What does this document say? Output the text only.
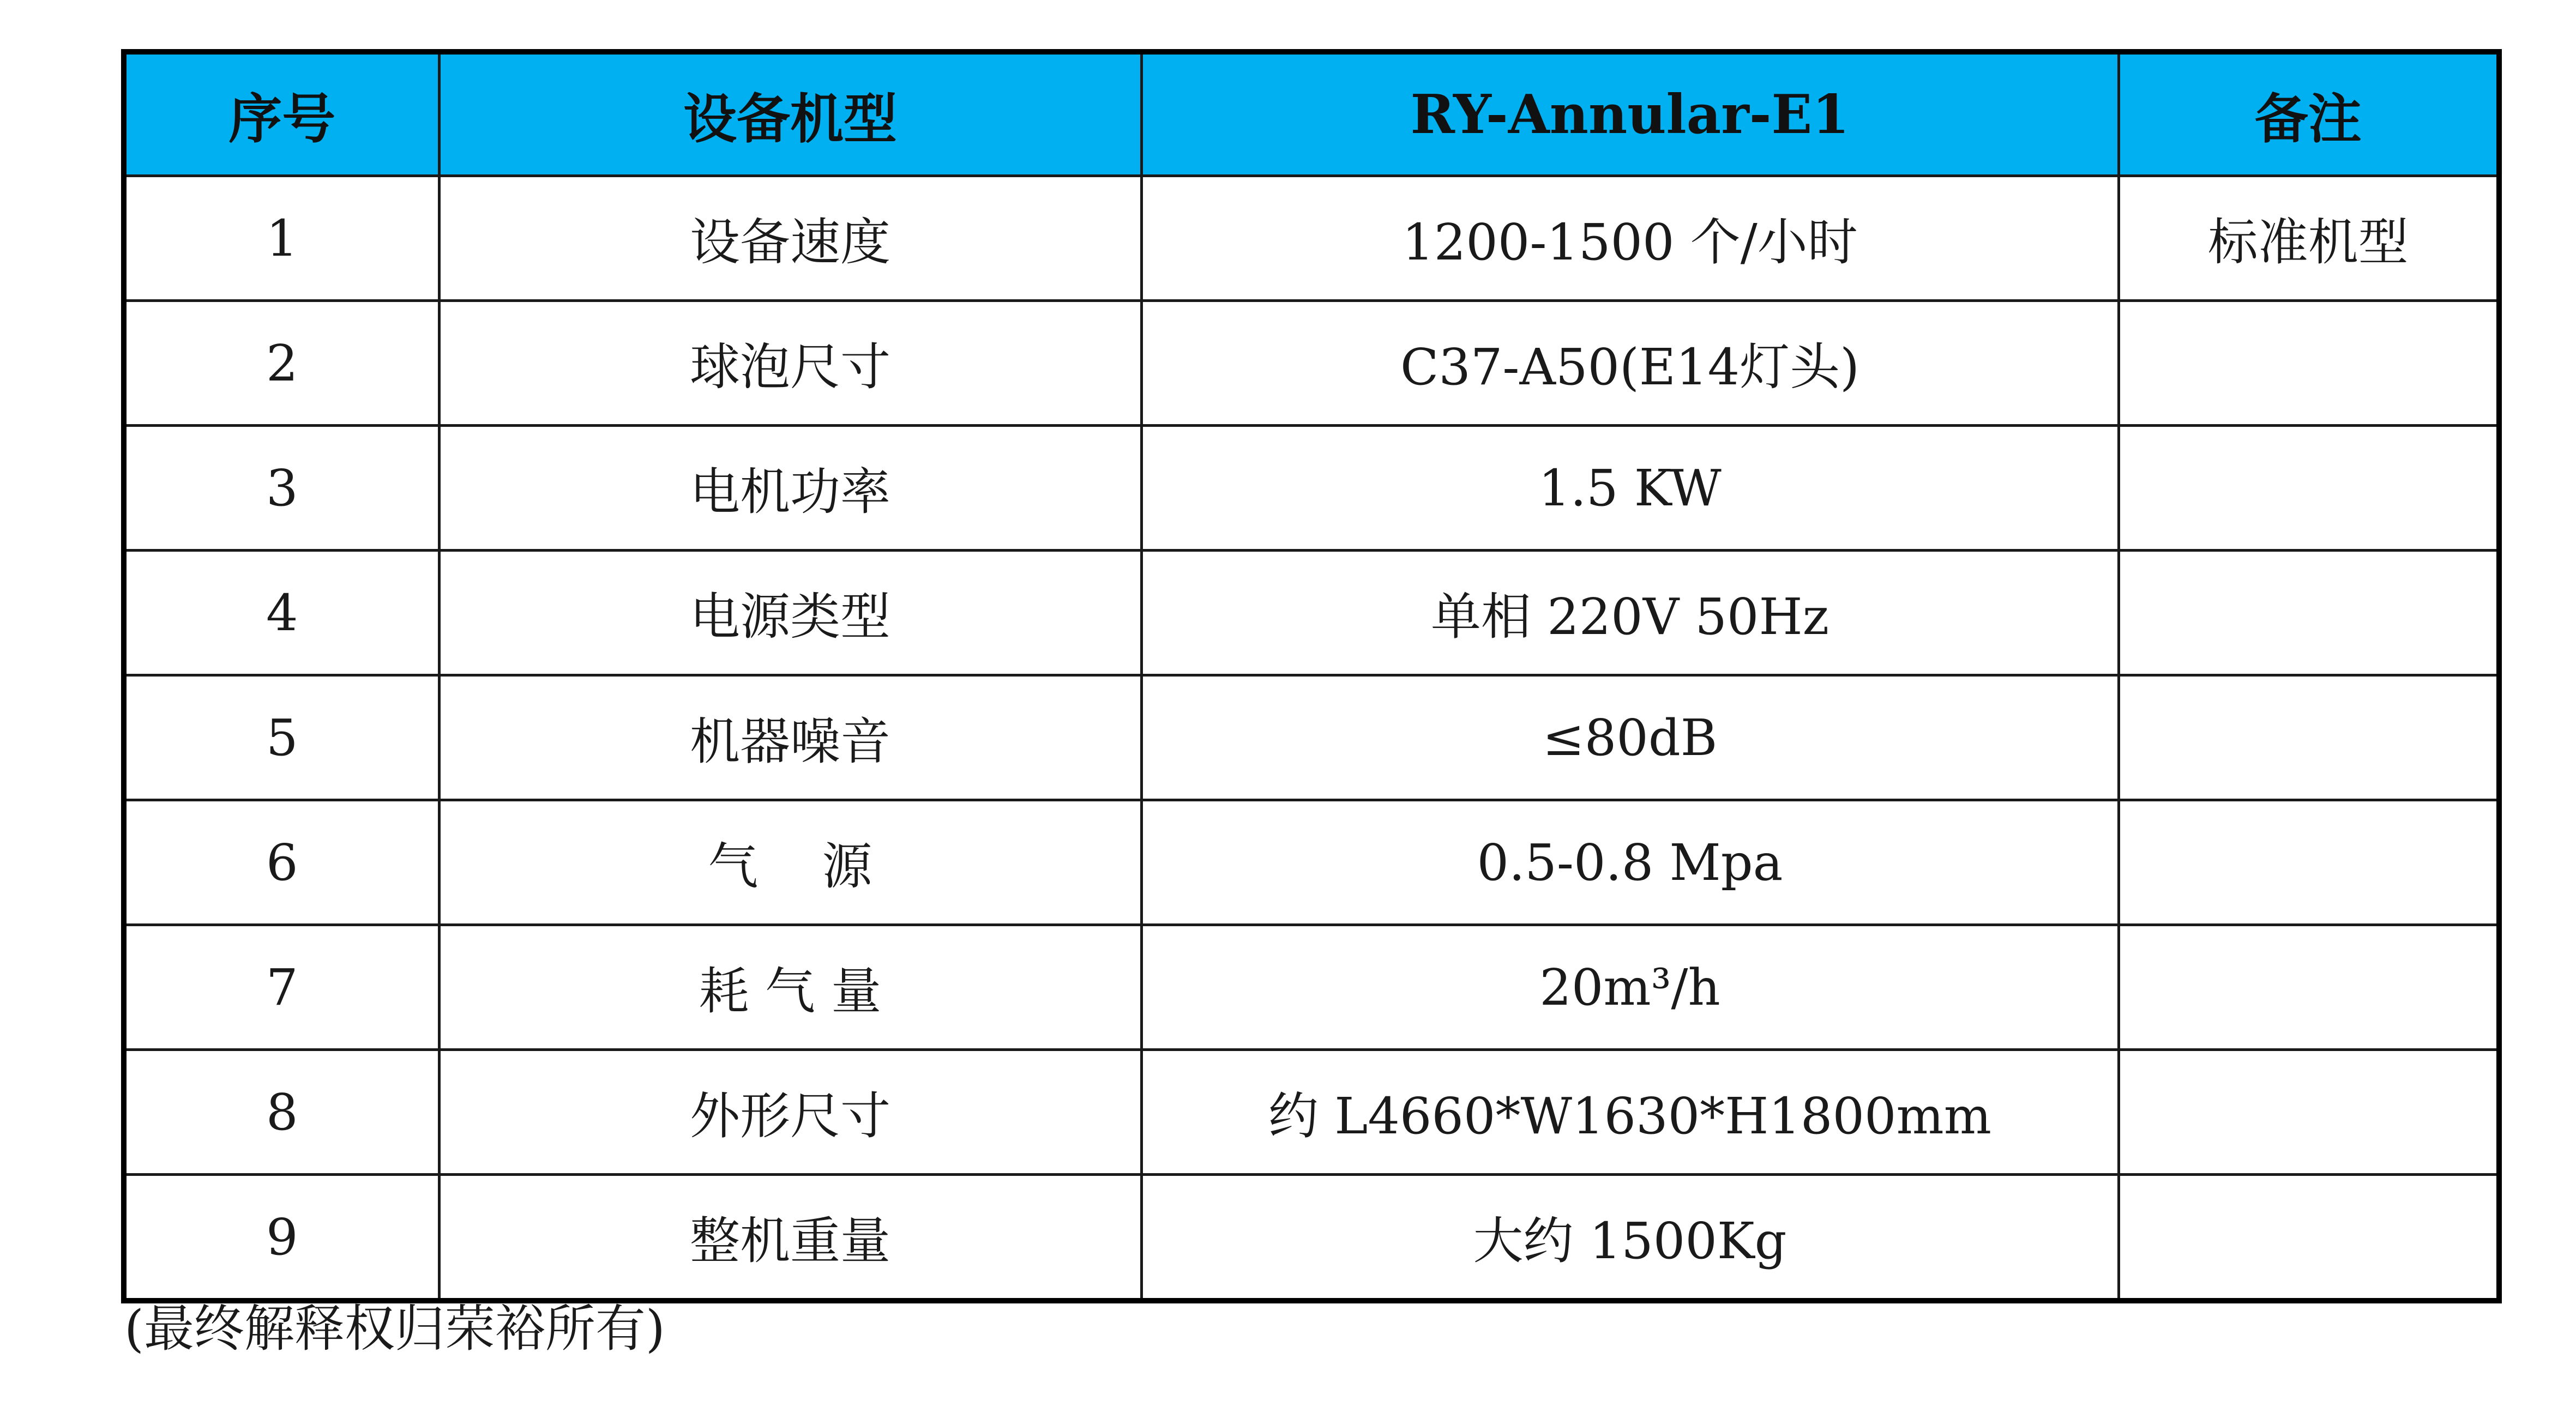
序号	设备机型	RY-Annular-E1	备注
1	设备速度	1200-1500 个/小时	标准机型
2	球泡尺寸	C37-A50(E14灯头)	
3	电机功率	1.5 KW	
4	电源类型	单相 220V 50Hz	
5	机器噪音	≤80dB	
6	气    源	0.5-0.8 Mpa	
7	耗 气 量	20m³/h	
8	外形尺寸	约 L4660*W1630*H1800mm	
9	整机重量	大约 1500Kg	
(最终解释权归荣裕所有)
